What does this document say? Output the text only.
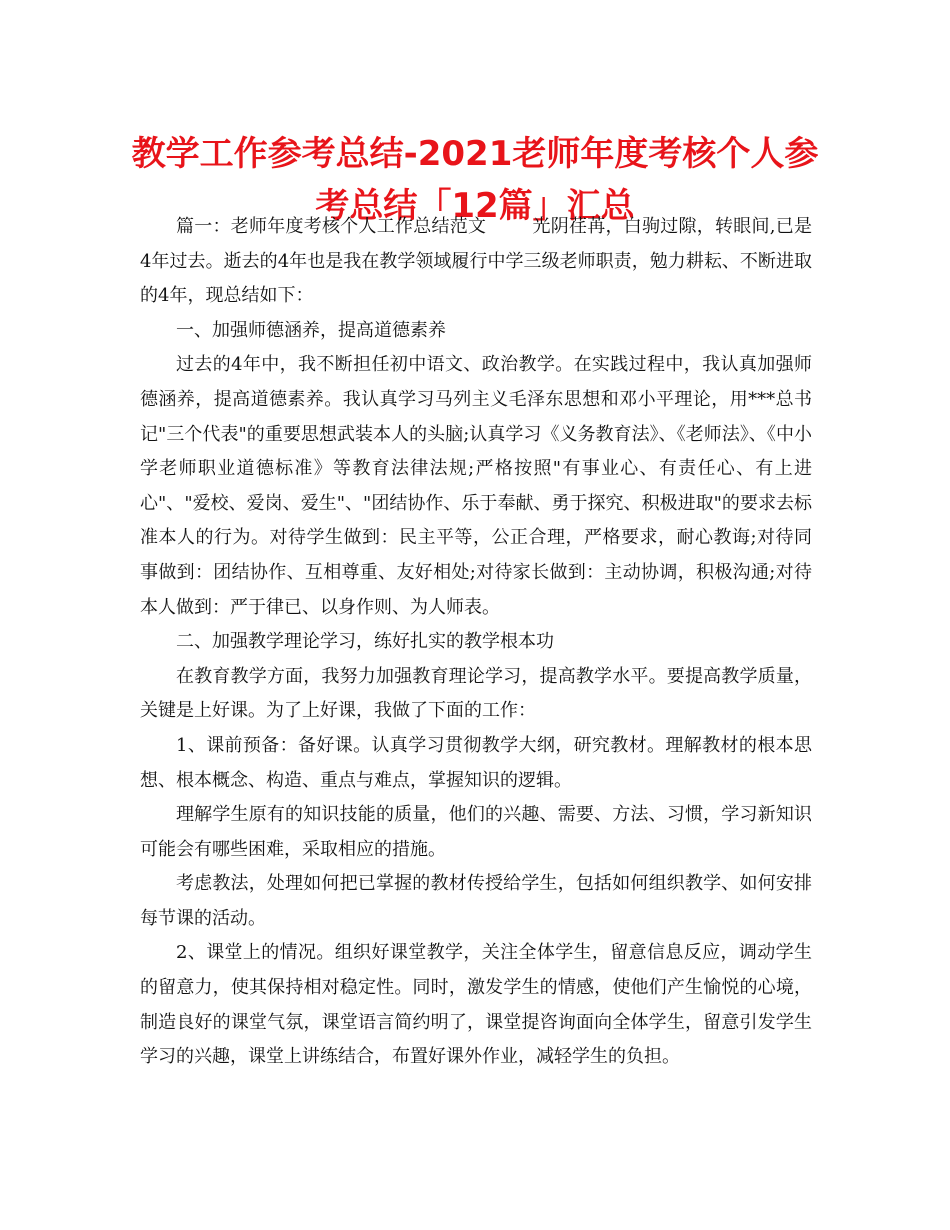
教学工作参考总结-2021老师年度考核个人参考总结「12篇」汇总

篇一：老师年度考核个人工作总结范文	光阴荏苒，白驹过隙，转眼间,已是4年过去。逝去的4年也是我在教学领域履行中学三级老师职责，勉力耕耘、不断进取的4年，现总结如下：

一、加强师德涵养，提高道德素养

过去的4年中，我不断担任初中语文、政治教学。在实践过程中，我认真加强师德涵养，提高道德素养。我认真学习马列主义毛泽东思想和邓小平理论，用***总书记"三个代表"的重要思想武装本人的头脑;认真学习《义务教育法》、《老师法》、《中小学老师职业道德标准》等教育法律法规;严格按照"有事业心、有责任心、有上进心"、"爱校、爱岗、爱生"、"团结协作、乐于奉献、勇于探究、积极进取"的要求去标准本人的行为。对待学生做到：民主平等，公正合理，严格要求，耐心教诲;对待同事做到：团结协作、互相尊重、友好相处;对待家长做到：主动协调，积极沟通;对待本人做到：严于律已、以身作则、为人师表。

二、加强教学理论学习，练好扎实的教学根本功

在教育教学方面，我努力加强教育理论学习，提高教学水平。要提高教学质量，关键是上好课。为了上好课，我做了下面的工作：

1、课前预备：备好课。认真学习贯彻教学大纲，研究教材。理解教材的根本思想、根本概念、构造、重点与难点，掌握知识的逻辑。

理解学生原有的知识技能的质量，他们的兴趣、需要、方法、习惯，学习新知识可能会有哪些困难，采取相应的措施。

考虑教法，处理如何把已掌握的教材传授给学生，包括如何组织教学、如何安排每节课的活动。

2、课堂上的情况。组织好课堂教学，关注全体学生，留意信息反应，调动学生的留意力，使其保持相对稳定性。同时，激发学生的情感，使他们产生愉悦的心境，制造良好的课堂气氛，课堂语言简约明了，课堂提咨询面向全体学生，留意引发学生学习的兴趣，课堂上讲练结合，布置好课外作业，减轻学生的负担。
